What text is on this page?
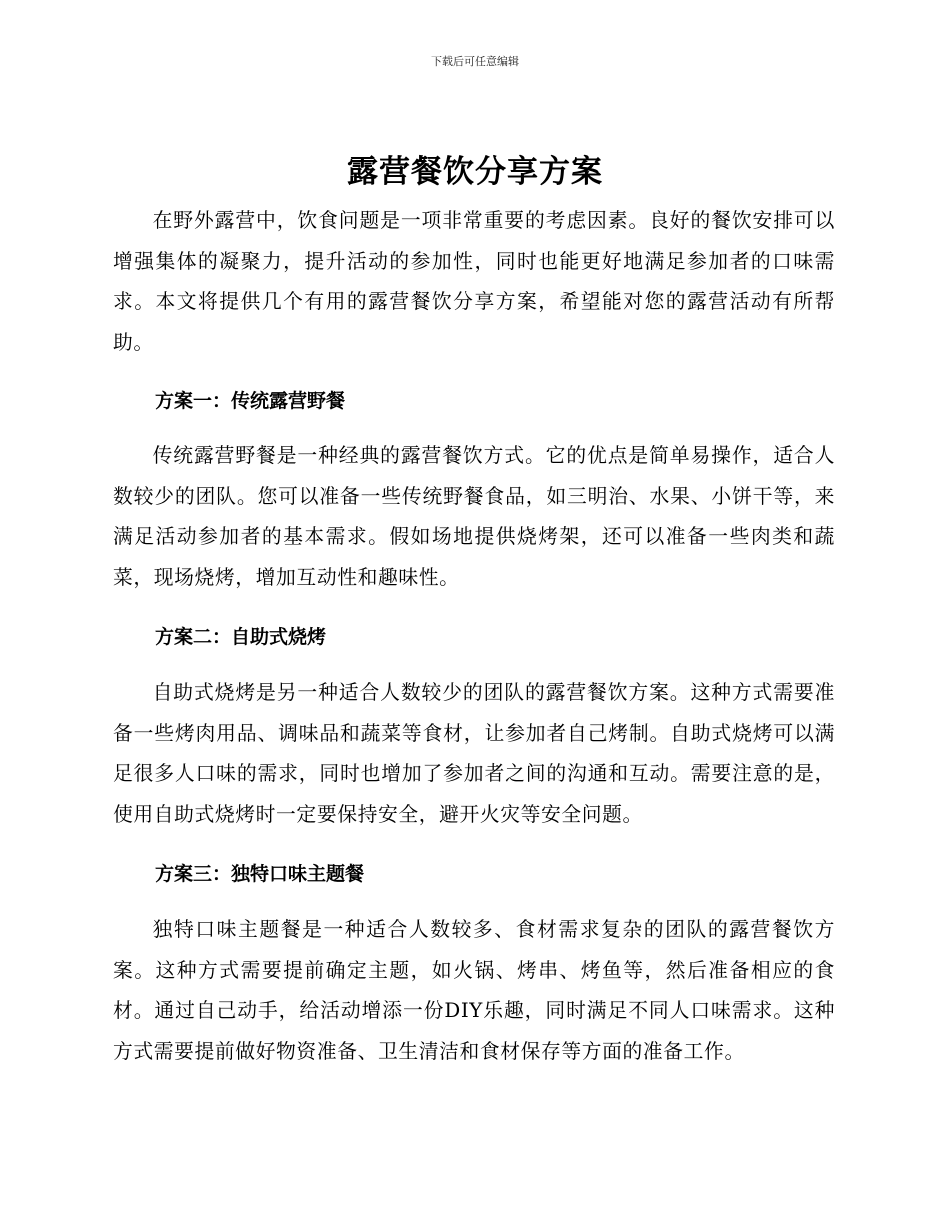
下载后可任意编辑
露营餐饮分享方案

在野外露营中，饮食问题是一项非常重要的考虑因素。良好的餐饮安排可以增强集体的凝聚力，提升活动的参加性，同时也能更好地满足参加者的口味需求。本文将提供几个有用的露营餐饮分享方案，希望能对您的露营活动有所帮助。

方案一：传统露营野餐

传统露营野餐是一种经典的露营餐饮方式。它的优点是简单易操作，适合人数较少的团队。您可以准备一些传统野餐食品，如三明治、水果、小饼干等，来满足活动参加者的基本需求。假如场地提供烧烤架，还可以准备一些肉类和蔬菜，现场烧烤，增加互动性和趣味性。

方案二：自助式烧烤

自助式烧烤是另一种适合人数较少的团队的露营餐饮方案。这种方式需要准备一些烤肉用品、调味品和蔬菜等食材，让参加者自己烤制。自助式烧烤可以满足很多人口味的需求，同时也增加了参加者之间的沟通和互动。需要注意的是，使用自助式烧烤时一定要保持安全，避开火灾等安全问题。

方案三：独特口味主题餐

独特口味主题餐是一种适合人数较多、食材需求复杂的团队的露营餐饮方案。这种方式需要提前确定主题，如火锅、烤串、烤鱼等，然后准备相应的食材。通过自己动手，给活动增添一份DIY乐趣，同时满足不同人口味需求。这种方式需要提前做好物资准备、卫生清洁和食材保存等方面的准备工作。
